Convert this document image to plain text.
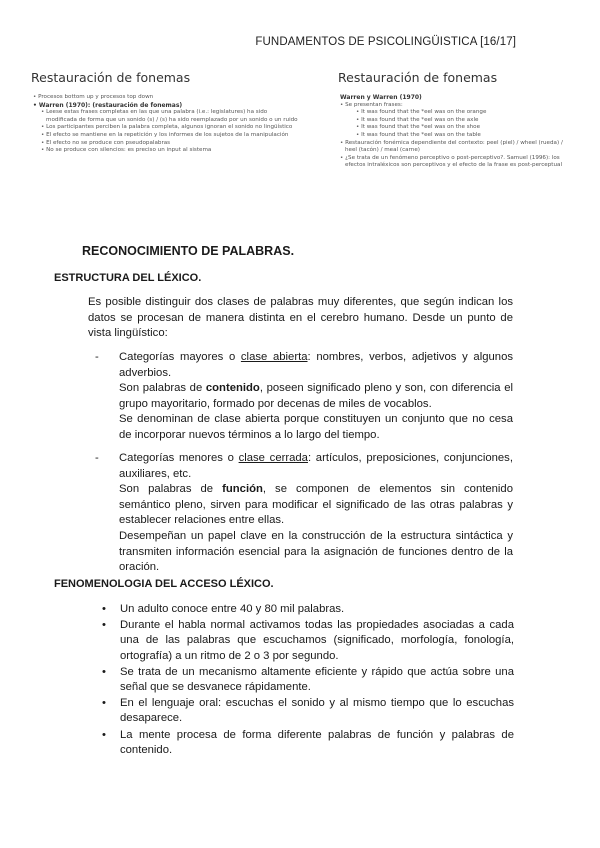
FUNDAMENTOS DE PSICOLINGÜISTICA [16/17]
Restauración de fonemas
• Procesos bottom up y procesos top down
• Warren (1970): (restauración de fonemas)
• Leese estas frases completas en las que una palabra (i.e.: legislatures) ha sido modificada de forma que un sonido (s) / (s) ha sido reemplazado por un sonido o un ruido
• Los participantes perciben la palabra completa, algunos ignoran el sonido no lingüístico
• El efecto se mantiene en la repetición y los informes de los sujetos de la manipulación
• El efecto no se produce con pseudopalabras
• No se produce con silencios: es preciso un input al sistema
Restauración de fonemas
Warren y Warren (1970)
• Se presentan frases:
• It was found that the *eel was on the orange
• It was found that the *eel was on the axle
• It was found that the *eel was on the shoe
• It was found that the *eel was on the table
• Restauración fonémica dependiente del contexto: peel (piel) / wheel (rueda) / heel (tacón) / meal (carne)
• ¿Se trata de un fenómeno perceptivo o post-perceptivo?. Samuel (1996): los efectos intraléxicos son perceptivos y el efecto de la frase es post-perceptual
RECONOCIMIENTO DE PALABRAS.
ESTRUCTURA DEL LÉXICO.
Es posible distinguir dos clases de palabras muy diferentes, que según indican los datos se procesan de manera distinta en el cerebro humano. Desde un punto de vista lingüístico:
- Categorías mayores o clase abierta: nombres, verbos, adjetivos y algunos adverbios.

Son palabras de contenido, poseen significado pleno y son, con diferencia el grupo mayoritario, formado por decenas de miles de vocablos.

Se denominan de clase abierta porque constituyen un conjunto que no cesa de incorporar nuevos términos a lo largo del tiempo.

- Categorías menores o clase cerrada: artículos, preposiciones, conjunciones, auxiliares, etc.

Son palabras de función, se componen de elementos sin contenido semántico pleno, sirven para modificar el significado de las otras palabras y establecer relaciones entre ellas.

Desempeñan un papel clave en la construcción de la estructura sintáctica y transmiten información esencial para la asignación de funciones dentro de la oración.

FENOMENOLOGIA DEL ACCESO LÉXICO.
• Un adulto conoce entre 40 y 80 mil palabras.
• Durante el habla normal activamos todas las propiedades asociadas a cada una de las palabras que escuchamos (significado, morfología, fonología, ortografía) a un ritmo de 2 o 3 por segundo.
• Se trata de un mecanismo altamente eficiente y rápido que actúa sobre una señal que se desvanece rápidamente.
• En el lenguaje oral: escuchas el sonido y al mismo tiempo que lo escuchas desaparece.
• La mente procesa de forma diferente palabras de función y palabras de contenido.
